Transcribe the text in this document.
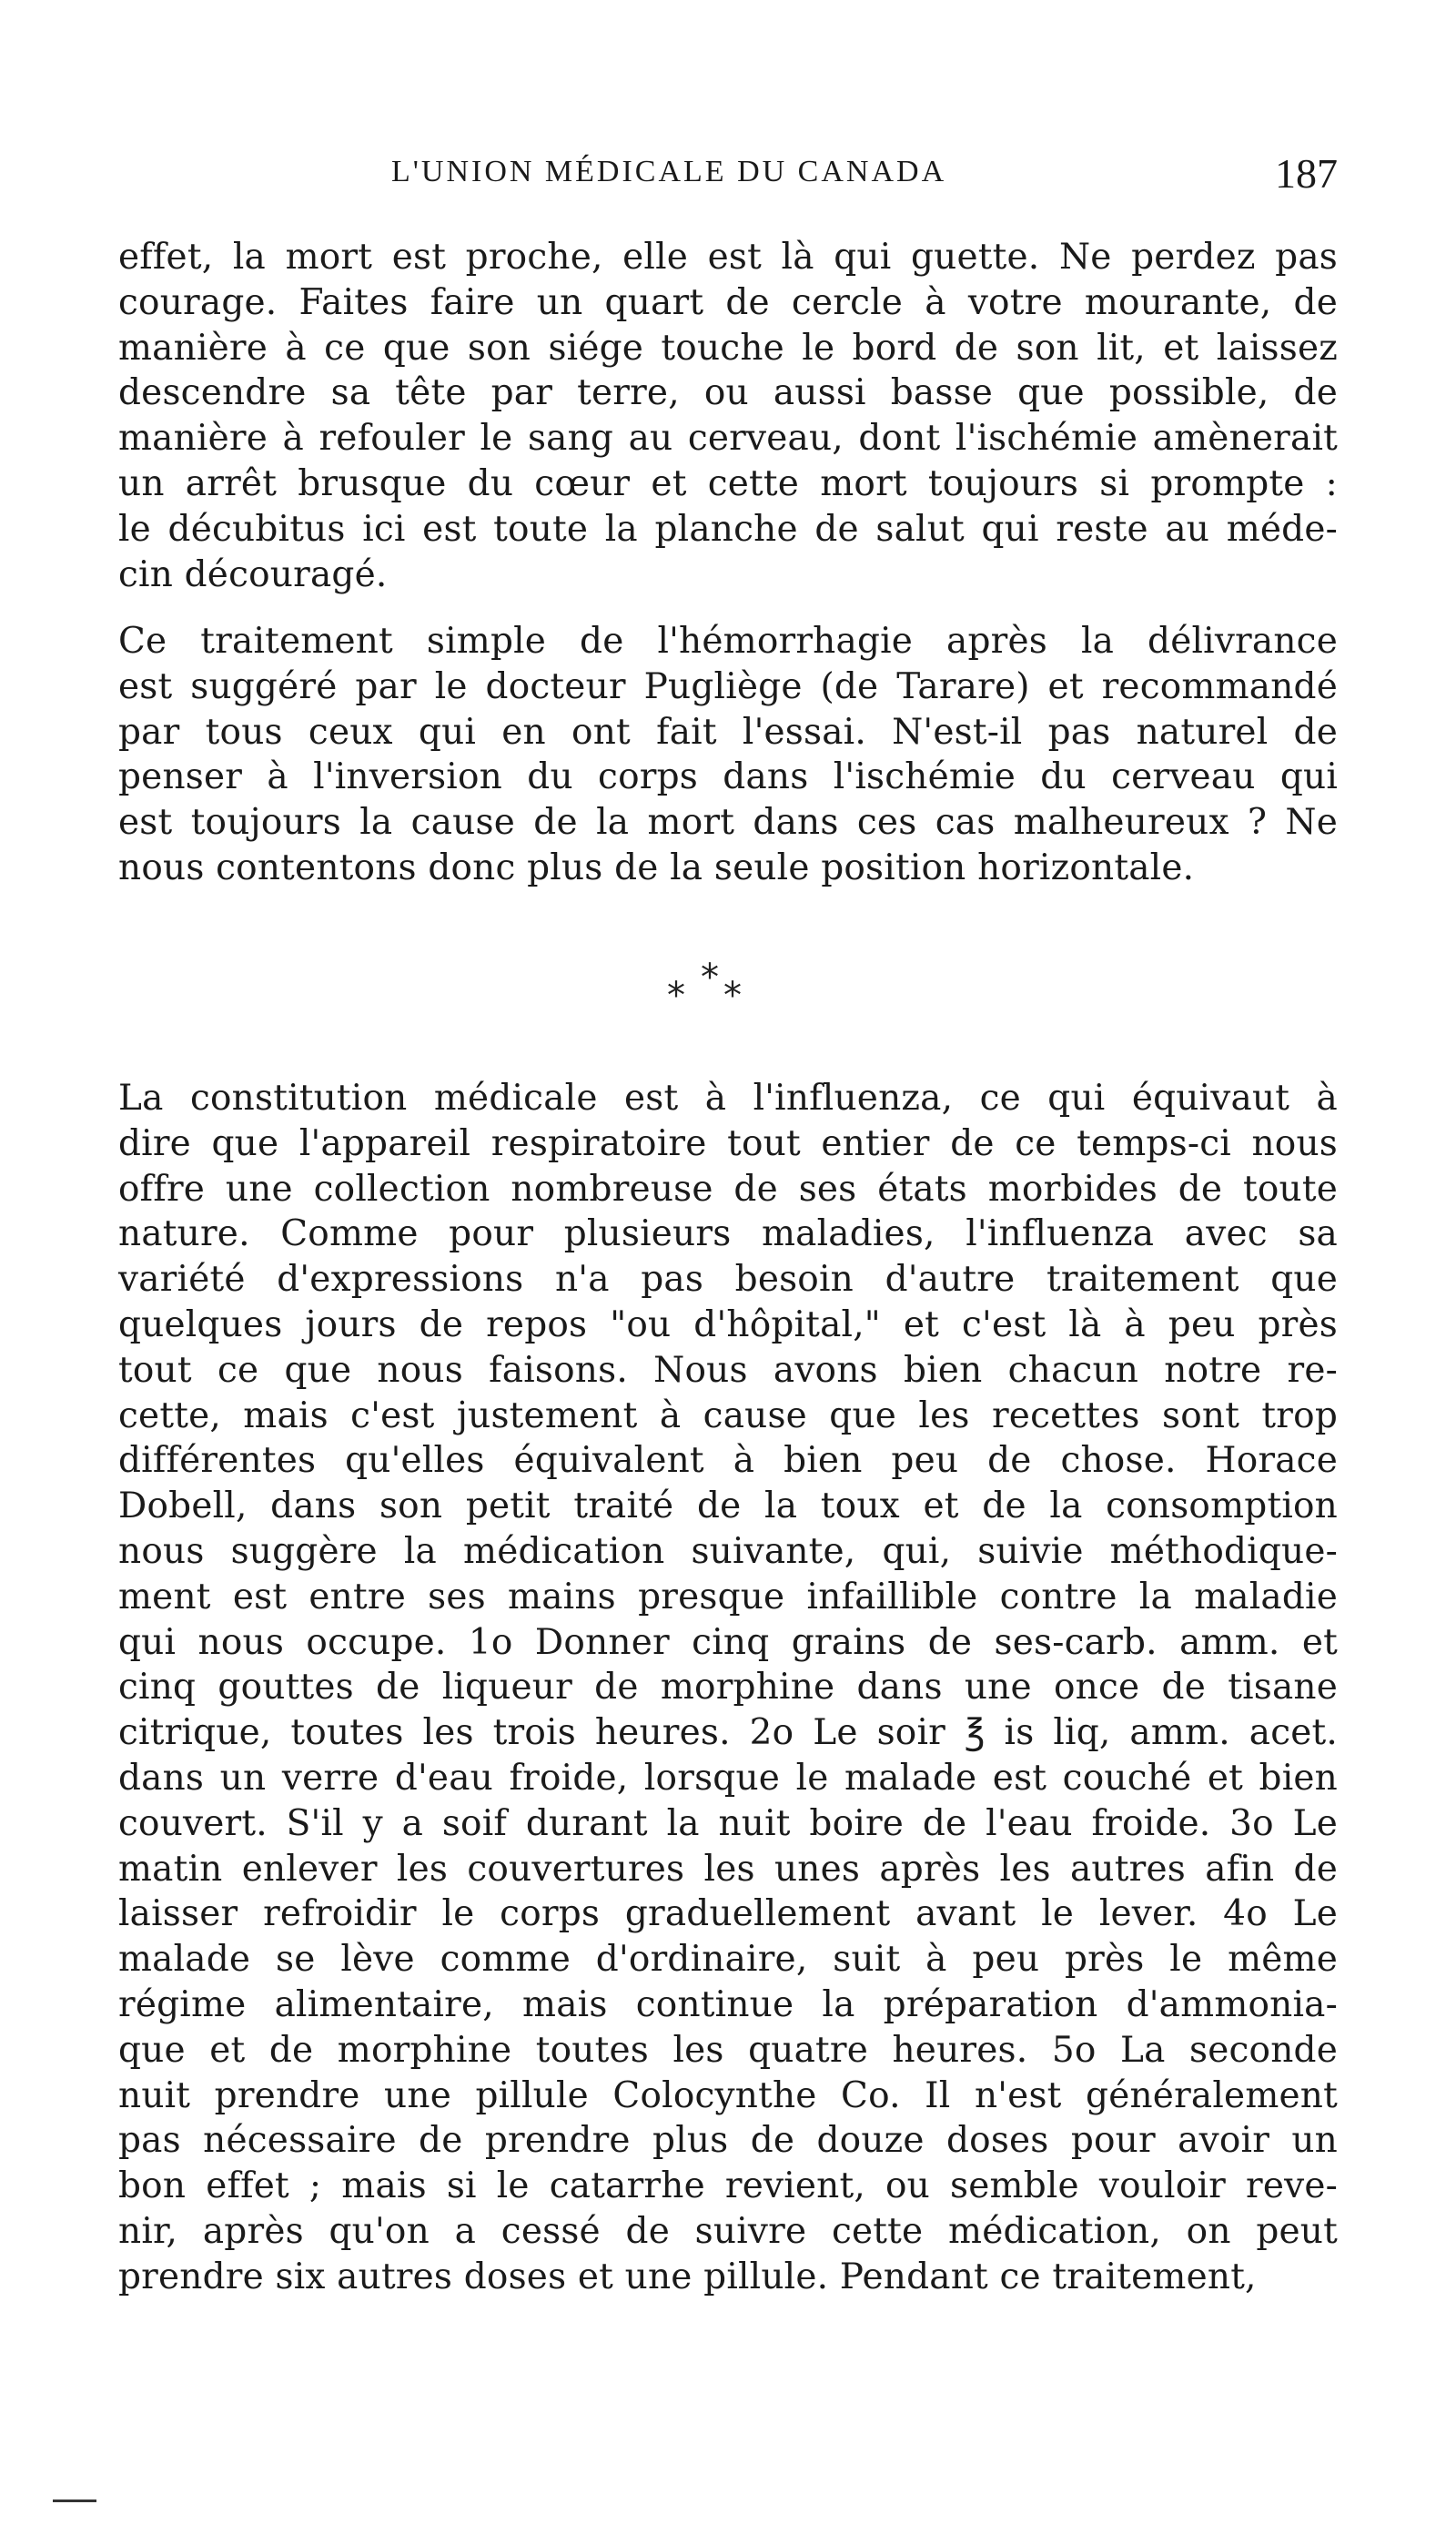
L'UNION MÉDICALE DU CANADA	187
effet, la mort est proche, elle est là qui guette. Ne perdez pas
courage. Faites faire un quart de cercle à votre mourante, de
manière à ce que son siége touche le bord de son lit, et laissez
descendre sa tête par terre, ou aussi basse que possible, de
manière à refouler le sang au cerveau, dont l'ischémie amènerait
un arrêt brusque du cœur et cette mort toujours si prompte :
le décubitus ici est toute la planche de salut qui reste au méde-
cin découragé.
Ce traitement simple de l'hémorrhagie après la délivrance
est suggéré par le docteur Pugliège (de Tarare) et recommandé
par tous ceux qui en ont fait l'essai. N'est-il pas naturel de
penser à l'inversion du corps dans l'ischémie du cerveau qui
est toujours la cause de la mort dans ces cas malheureux ? Ne
nous contentons donc plus de la seule position horizontale.
*
* *
La constitution médicale est à l'influenza, ce qui équivaut à
dire que l'appareil respiratoire tout entier de ce temps-ci nous
offre une collection nombreuse de ses états morbides de toute
nature. Comme pour plusieurs maladies, l'influenza avec sa
variété d'expressions n'a pas besoin d'autre traitement que
quelques jours de repos "ou d'hôpital," et c'est là à peu près
tout ce que nous faisons. Nous avons bien chacun notre re-
cette, mais c'est justement à cause que les recettes sont trop
différentes qu'elles équivalent à bien peu de chose. Horace
Dobell, dans son petit traité de la toux et de la consomption
nous suggère la médication suivante, qui, suivie méthodique-
ment est entre ses mains presque infaillible contre la maladie
qui nous occupe. 1o Donner cinq grains de ses-carb. amm. et
cinq gouttes de liqueur de morphine dans une once de tisane
citrique, toutes les trois heures. 2o Le soir ℥ is liq, amm. acet.
dans un verre d'eau froide, lorsque le malade est couché et bien
couvert. S'il y a soif durant la nuit boire de l'eau froide. 3o Le
matin enlever les couvertures les unes après les autres afin de
laisser refroidir le corps graduellement avant le lever. 4o Le
malade se lève comme d'ordinaire, suit à peu près le même
régime alimentaire, mais continue la préparation d'ammonia-
que et de morphine toutes les quatre heures. 5o La seconde
nuit prendre une pillule Colocynthe Co. Il n'est généralement
pas nécessaire de prendre plus de douze doses pour avoir un
bon effet ; mais si le catarrhe revient, ou semble vouloir reve-
nir, après qu'on a cessé de suivre cette médication, on peut
prendre six autres doses et une pillule. Pendant ce traitement,
